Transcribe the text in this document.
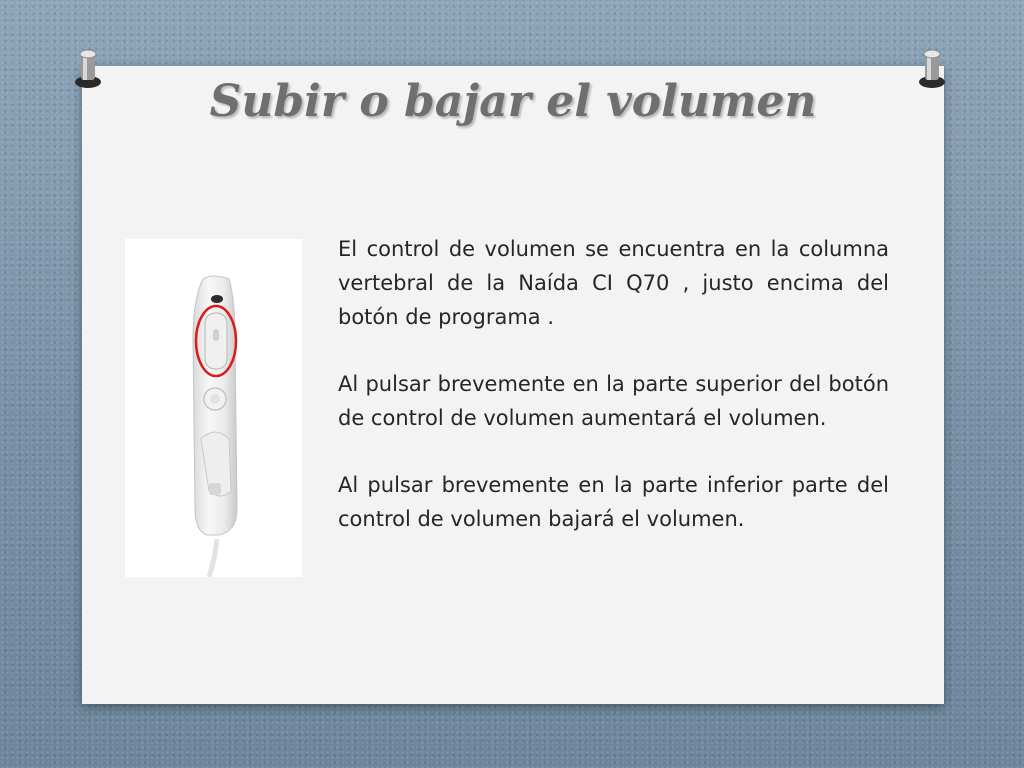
Subir o bajar el volumen

El control de volumen se encuentra en la columna vertebral de la Naída CI Q70 , justo encima del botón de programa .

Al pulsar brevemente en la parte superior del botón de control de volumen aumentará el volumen.

Al pulsar brevemente en la parte inferior parte del control de volumen bajará el volumen.
